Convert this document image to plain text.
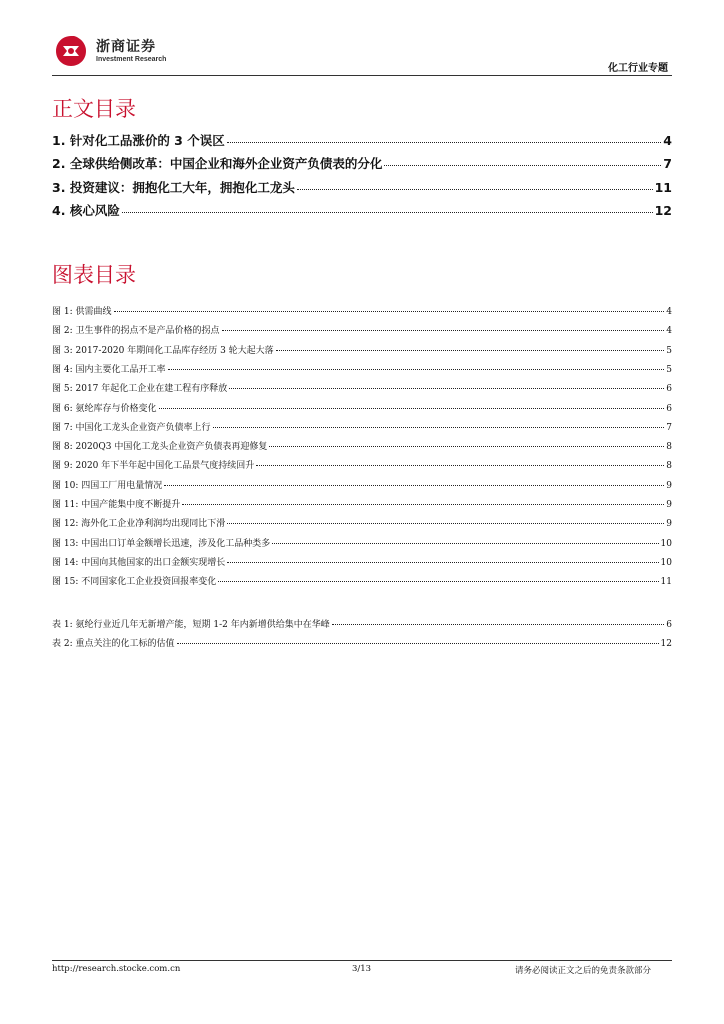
浙商证券
Investment Research
化工行业专题
正文目录
1. 针对化工品涨价的 3 个误区	4
2. 全球供给侧改革：中国企业和海外企业资产负债表的分化	7
3. 投资建议：拥抱化工大年，拥抱化工龙头	11
4. 核心风险	12
图表目录
图 1: 供需曲线	4
图 2: 卫生事件的拐点不是产品价格的拐点	4
图 3: 2017-2020 年期间化工品库存经历 3 轮大起大落	5
图 4: 国内主要化工品开工率	5
图 5: 2017 年起化工企业在建工程有序释放	6
图 6: 氨纶库存与价格变化	6
图 7: 中国化工龙头企业资产负债率上行	7
图 8: 2020Q3 中国化工龙头企业资产负债表再迎修复	8
图 9: 2020 年下半年起中国化工品景气度持续回升	8
图 10: 四国工厂用电量情况	9
图 11: 中国产能集中度不断提升	9
图 12: 海外化工企业净利润均出现同比下滑	9
图 13: 中国出口订单金额增长迅速，涉及化工品种类多	10
图 14: 中国向其他国家的出口金额实现增长	10
图 15: 不同国家化工企业投资回报率变化	11
表 1: 氨纶行业近几年无新增产能，短期 1-2 年内新增供给集中在华峰	6
表 2: 重点关注的化工标的估值	12
http://research.stocke.com.cn	3/13	请务必阅读正文之后的免责条款部分
